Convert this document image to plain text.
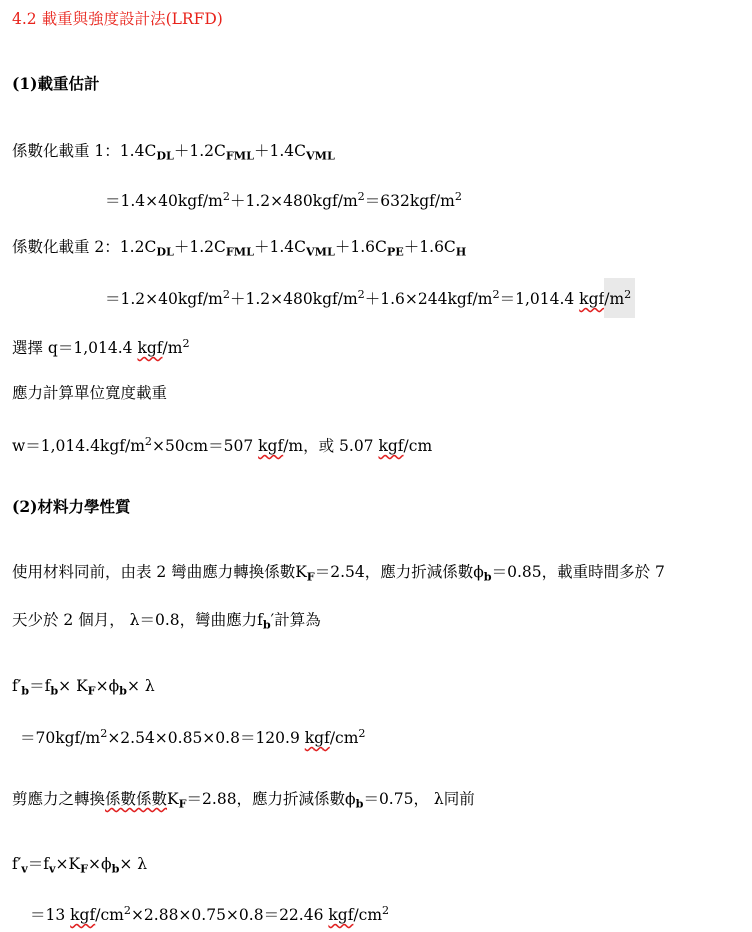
4.2 載重與強度設計法(LRFD)
(1)載重估計
係數化載重 1：$1.4C_{DL}+1.2C_{FML}+1.4C_{VML}$
$=1.4\times 40kgf/m^2+1.2\times 480kgf/m^2=632kgf/m^2$
係數化載重 2：$1.2C_{DL}+1.2C_{FML}+1.4C_{VML}+1.6C_{PE}+1.6C_H$
$=1.2\times 40kgf/m^2+1.2\times 480kgf/m^2+1.6\times 244kgf/m^2=1,014.4$ kgf/$m^2$
選擇 q＝1,014.4 kgf/$m^2$
應力計算單位寬度載重
$w=1,014.4kgf/m^2\times 50cm=507$ kgf/m，或 5.07 kgf/cm
(2)材料力學性質
使用材料同前，由表 2 彎曲應力轉換係數$K_F=2.54$，應力折減係數$\phi_b=0.85$，載重時間多於 7
天少於 2 個月， λ＝0.8，彎曲應力$f_b'$計算為
$f'_b=f_b\times K_F\times\phi_b\times \lambda$
$=70kgf/m^2\times 2.54\times 0.85\times 0.8=120.9$ kgf/$cm^2$
剪應力之轉換係數係數$K_F=2.88$，應力折減係數$\phi_b=0.75$， λ同前
$f'_v=f_v\times K_F\times\phi_b\times \lambda$
＝13 kgf/$cm^2\times 2.88\times 0.75\times 0.8=22.46$ kgf/$cm^2$
